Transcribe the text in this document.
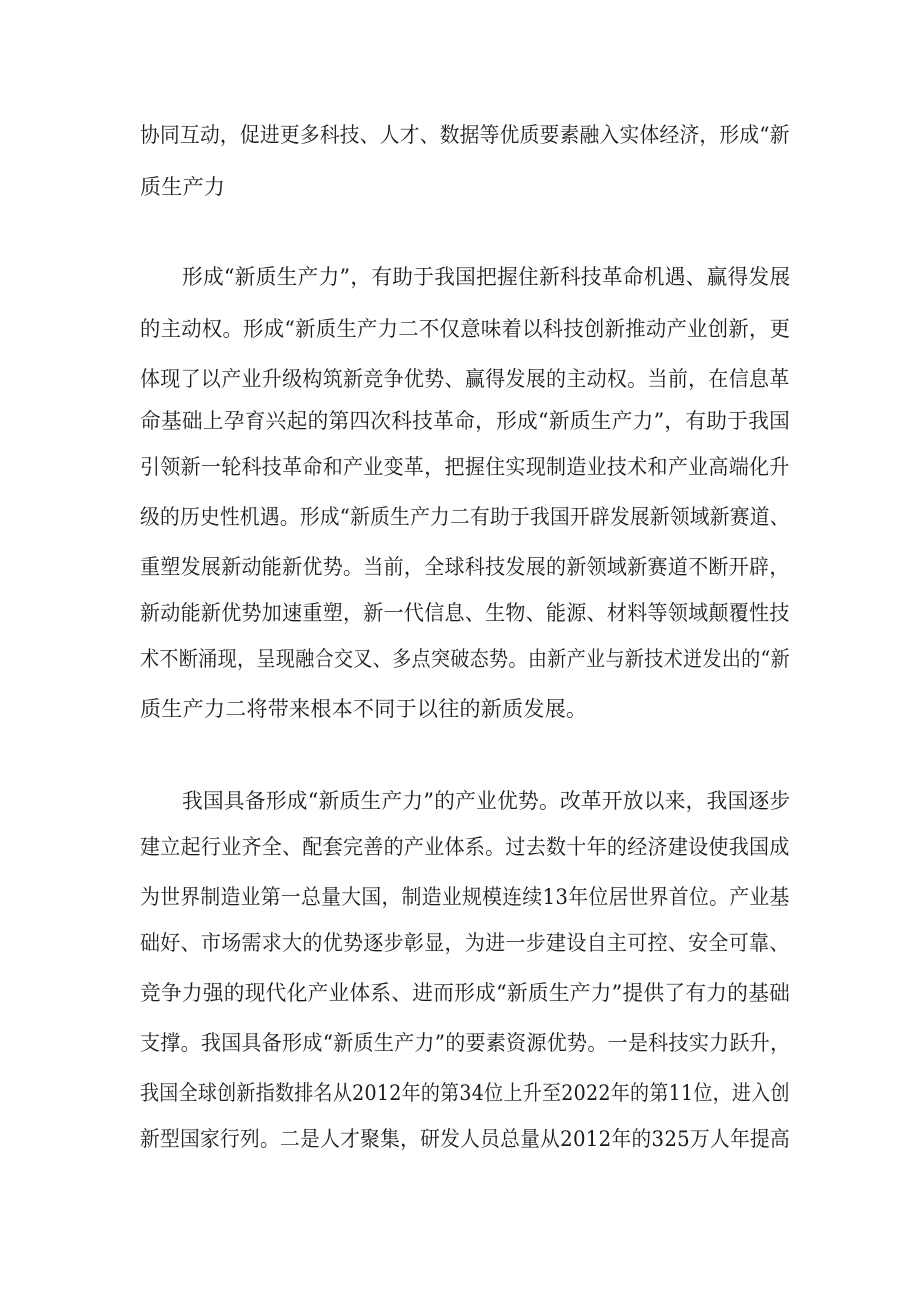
协同互动，促进更多科技、人才、数据等优质要素融入实体经济，形成“新
质生产力
形成“新质生产力”，有助于我国把握住新科技革命机遇、赢得发展
的主动权。形成“新质生产力二不仅意味着以科技创新推动产业创新，更
体现了以产业升级构筑新竞争优势、赢得发展的主动权。当前，在信息革
命基础上孕育兴起的第四次科技革命，形成“新质生产力”，有助于我国
引领新一轮科技革命和产业变革，把握住实现制造业技术和产业高端化升
级的历史性机遇。形成“新质生产力二有助于我国开辟发展新领域新赛道、
重塑发展新动能新优势。当前，全球科技发展的新领域新赛道不断开辟，
新动能新优势加速重塑，新一代信息、生物、能源、材料等领域颠覆性技
术不断涌现，呈现融合交叉、多点突破态势。由新产业与新技术迸发出的“新
质生产力二将带来根本不同于以往的新质发展。
我国具备形成“新质生产力”的产业优势。改革开放以来，我国逐步
建立起行业齐全、配套完善的产业体系。过去数十年的经济建设使我国成
为世界制造业第一总量大国，制造业规模连续13年位居世界首位。产业基
础好、市场需求大的优势逐步彰显，为进一步建设自主可控、安全可靠、
竞争力强的现代化产业体系、进而形成“新质生产力”提供了有力的基础
支撑。我国具备形成“新质生产力”的要素资源优势。一是科技实力跃升，
我国全球创新指数排名从2012年的第34位上升至2022年的第11位，进入创
新型国家行列。二是人才聚集，研发人员总量从2012年的325万人年提高
